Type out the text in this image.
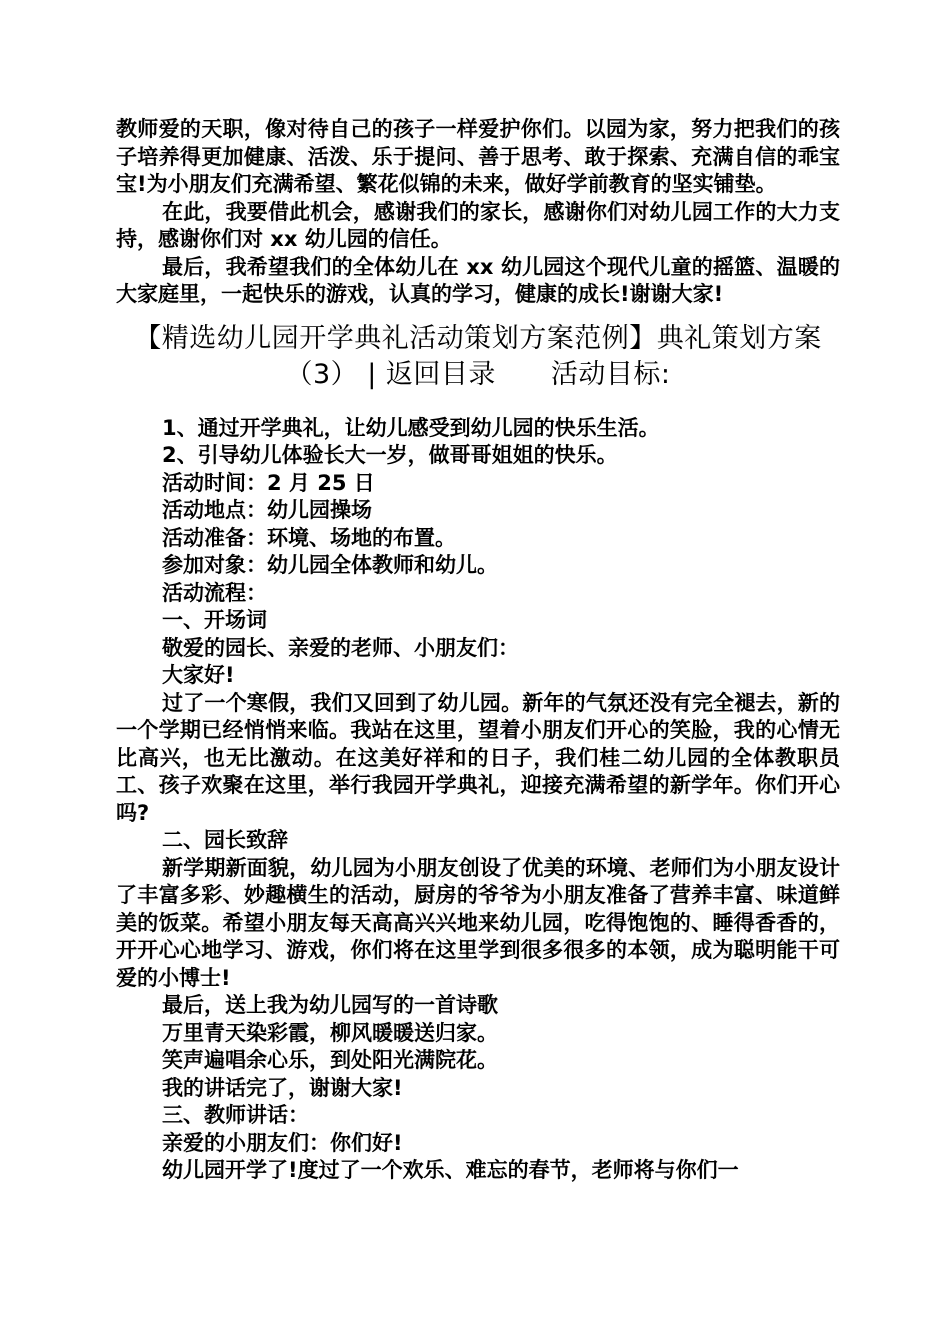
教师爱的天职，像对待自己的孩子一样爱护你们。以园为家，努力把我们的孩子培养得更加健康、活泼、乐于提问、善于思考、敢于探索、充满自信的乖宝宝!为小朋友们充满希望、繁花似锦的未来，做好学前教育的坚实铺垫。

在此，我要借此机会，感谢我们的家长，感谢你们对幼儿园工作的大力支持，感谢你们对 xx 幼儿园的信任。

最后，我希望我们的全体幼儿在 xx 幼儿园这个现代儿童的摇篮、温暖的大家庭里，一起快乐的游戏，认真的学习，健康的成长!谢谢大家!

【精选幼儿园开学典礼活动策划方案范例】典礼策划方案（3） | 返回目录　　活动目标:

1、通过开学典礼，让幼儿感受到幼儿园的快乐生活。

2、引导幼儿体验长大一岁，做哥哥姐姐的快乐。

活动时间：2 月 25 日

活动地点：幼儿园操场

活动准备：环境、场地的布置。

参加对象：幼儿园全体教师和幼儿。

活动流程：

一、开场词

敬爱的园长、亲爱的老师、小朋友们：

大家好!

过了一个寒假，我们又回到了幼儿园。新年的气氛还没有完全褪去，新的一个学期已经悄悄来临。我站在这里，望着小朋友们开心的笑脸，我的心情无比高兴，也无比激动。在这美好祥和的日子，我们桂二幼儿园的全体教职员工、孩子欢聚在这里，举行我园开学典礼，迎接充满希望的新学年。你们开心吗?

二、园长致辞

新学期新面貌，幼儿园为小朋友创设了优美的环境、老师们为小朋友设计了丰富多彩、妙趣横生的活动，厨房的爷爷为小朋友准备了营养丰富、味道鲜美的饭菜。希望小朋友每天高高兴兴地来幼儿园，吃得饱饱的、睡得香香的，开开心心地学习、游戏，你们将在这里学到很多很多的本领，成为聪明能干可爱的小博士!

最后，送上我为幼儿园写的一首诗歌

万里青天染彩霞，柳风暖暖送归家。

笑声遍唱余心乐，到处阳光满院花。

我的讲话完了，谢谢大家!

三、教师讲话：

亲爱的小朋友们：你们好!

幼儿园开学了!度过了一个欢乐、难忘的春节，老师将与你们一
